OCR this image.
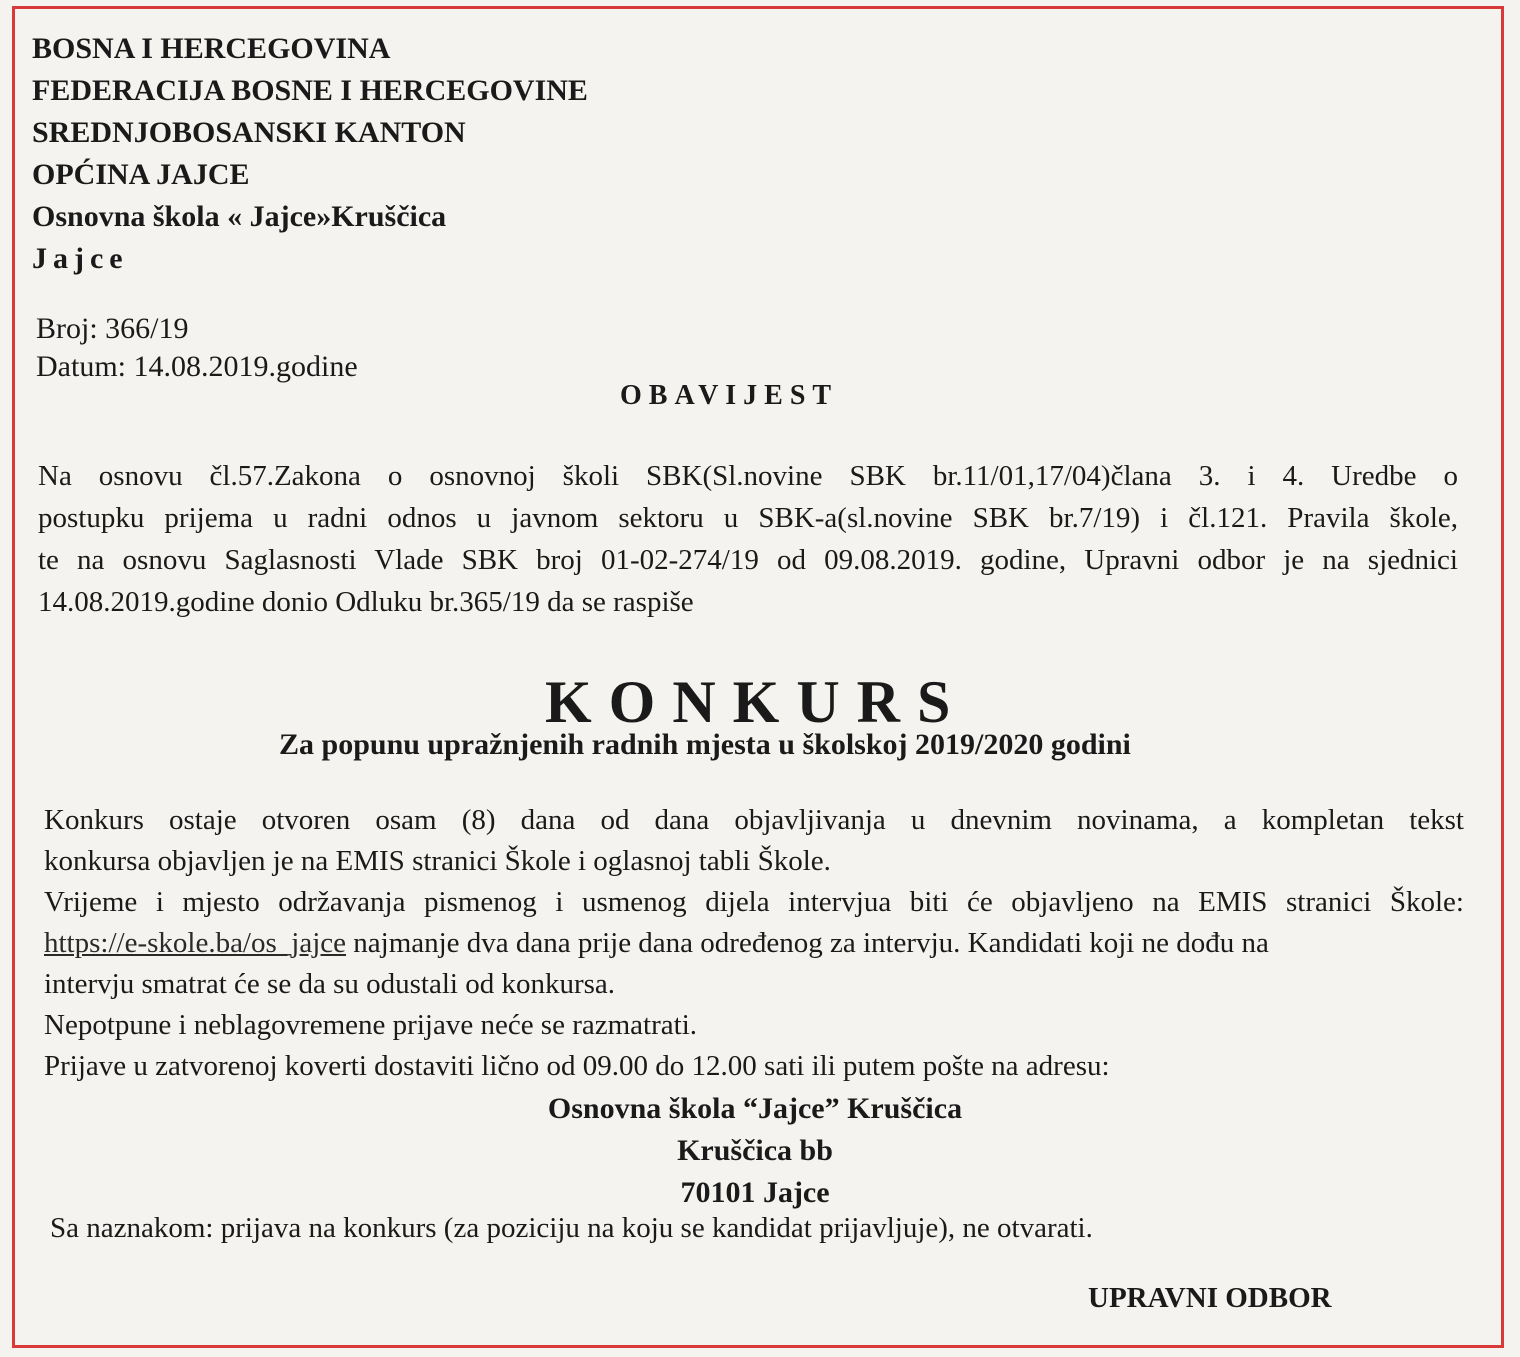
BOSNA I HERCEGOVINA
FEDERACIJA BOSNE I HERCEGOVINE
SREDNJOBOSANSKI KANTON
OPĆINA JAJCE
Osnovna škola « Jajce»Kruščica
Jajce
Broj: 366/19
Datum: 14.08.2019.godine
OBAVIJEST
Na osnovu čl.57.Zakona o osnovnoj školi SBK(Sl.novine SBK br.11/01,17/04)člana 3. i 4. Uredbe o
postupku prijema u radni odnos u javnom sektoru u SBK-a(sl.novine SBK br.7/19) i čl.121. Pravila škole,
te na osnovu Saglasnosti Vlade SBK broj 01-02-274/19 od 09.08.2019. godine, Upravni odbor je na sjednici
14.08.2019.godine donio Odluku br.365/19 da se raspiše
KONKURS
Za popunu upražnjenih radnih mjesta u školskoj 2019/2020 godini
Konkurs ostaje otvoren osam (8) dana od dana objavljivanja u dnevnim novinama, a kompletan tekst
konkursa objavljen je na EMIS stranici Škole i oglasnoj tabli Škole.
Vrijeme i mjesto održavanja pismenog i usmenog dijela intervjua biti će objavljeno na EMIS stranici Škole:
https://e-skole.ba/os_jajce najmanje dva dana prije dana određenog za intervju. Kandidati koji ne dođu na
intervju smatrat će se da su odustali od konkursa.
Nepotpune i neblagovremene prijave neće se razmatrati.
Prijave u zatvorenoj koverti dostaviti lično od 09.00 do 12.00 sati ili putem pošte na adresu:
Osnovna škola “Jajce” Kruščica
Kruščica bb
70101 Jajce
Sa naznakom: prijava na konkurs (za poziciju na koju se kandidat prijavljuje), ne otvarati.
UPRAVNI ODBOR
